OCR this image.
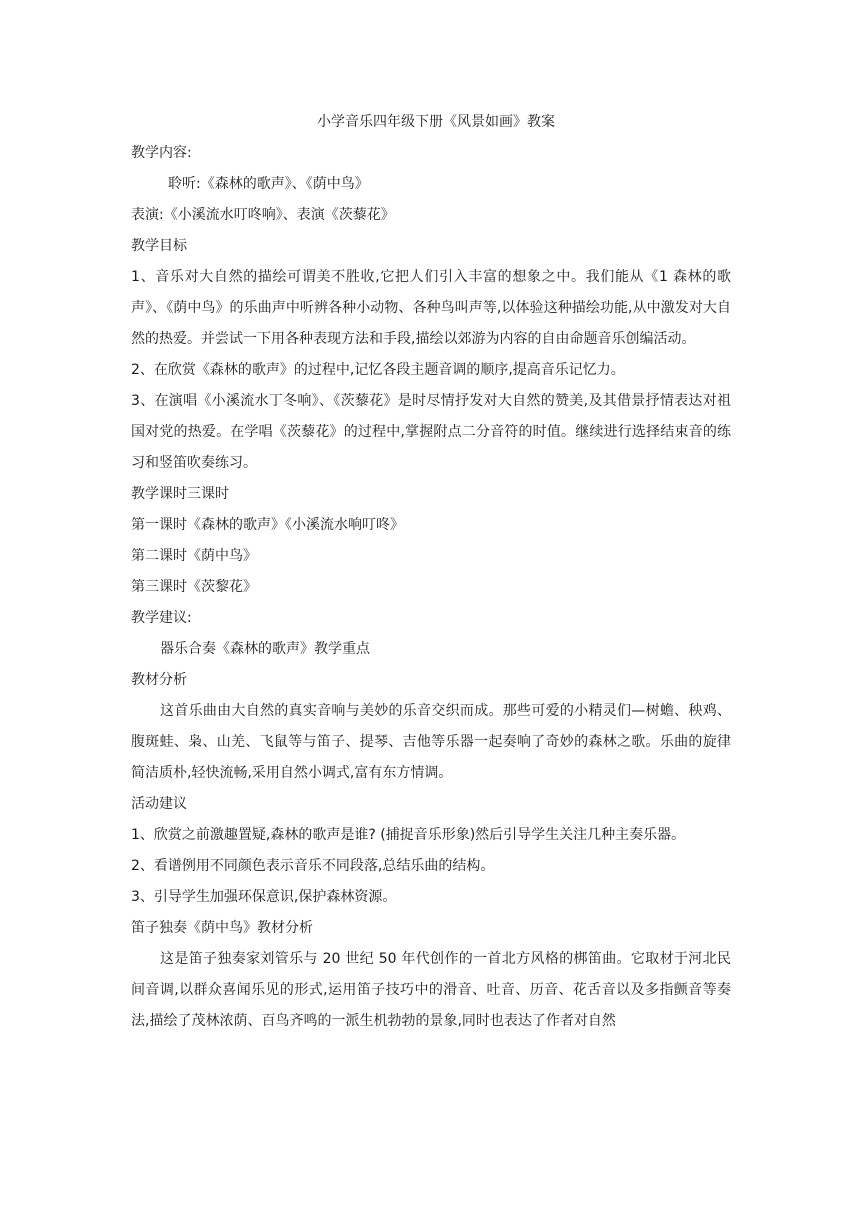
小学音乐四年级下册《风景如画》教案

教学内容:

聆听:《森林的歌声》、《荫中鸟》

表演:《小溪流水叮咚响》、表演《茨藜花》

教学目标

1、音乐对大自然的描绘可谓美不胜收,它把人们引入丰富的想象之中。我们能从《1 森林的歌声》、《荫中鸟》的乐曲声中听辨各种小动物、各种鸟叫声等,以体验这种描绘功能,从中激发对大自然的热爱。并尝试一下用各种表现方法和手段,描绘以郊游为内容的自由命题音乐创编活动。

2、在欣赏《森林的歌声》的过程中,记忆各段主题音调的顺序,提高音乐记忆力。

3、在演唱《小溪流水丁冬响》、《茨藜花》是时尽情抒发对大自然的赞美,及其借景抒情表达对祖国对党的热爱。在学唱《茨藜花》的过程中,掌握附点二分音符的时值。继续进行选择结束音的练习和竖笛吹奏练习。

教学课时三课时

第一课时《森林的歌声》《小溪流水响叮咚》

第二课时《荫中鸟》

第三课时《茨黎花》

教学建议:

器乐合奏《森林的歌声》教学重点

教材分析

这首乐曲由大自然的真实音响与美妙的乐音交织而成。那些可爱的小精灵们—树蟾、秧鸡、腹斑蛙、枭、山羌、飞鼠等与笛子、提琴、吉他等乐器一起奏响了奇妙的森林之歌。乐曲的旋律简洁质朴,轻快流畅,采用自然小调式,富有东方情调。

活动建议

1、欣赏之前激趣置疑,森林的歌声是谁? (捕捉音乐形象)然后引导学生关注几种主奏乐器。

2、看谱例用不同颜色表示音乐不同段落,总结乐曲的结构。

3、引导学生加强环保意识,保护森林资源。

笛子独奏《荫中鸟》教材分析

这是笛子独奏家刘管乐与 20 世纪 50 年代创作的一首北方风格的梆笛曲。它取材于河北民间音调,以群众喜闻乐见的形式,运用笛子技巧中的滑音、吐音、历音、花舌音以及多指颤音等奏法,描绘了茂林浓荫、百鸟齐鸣的一派生机勃勃的景象,同时也表达了作者对自然
